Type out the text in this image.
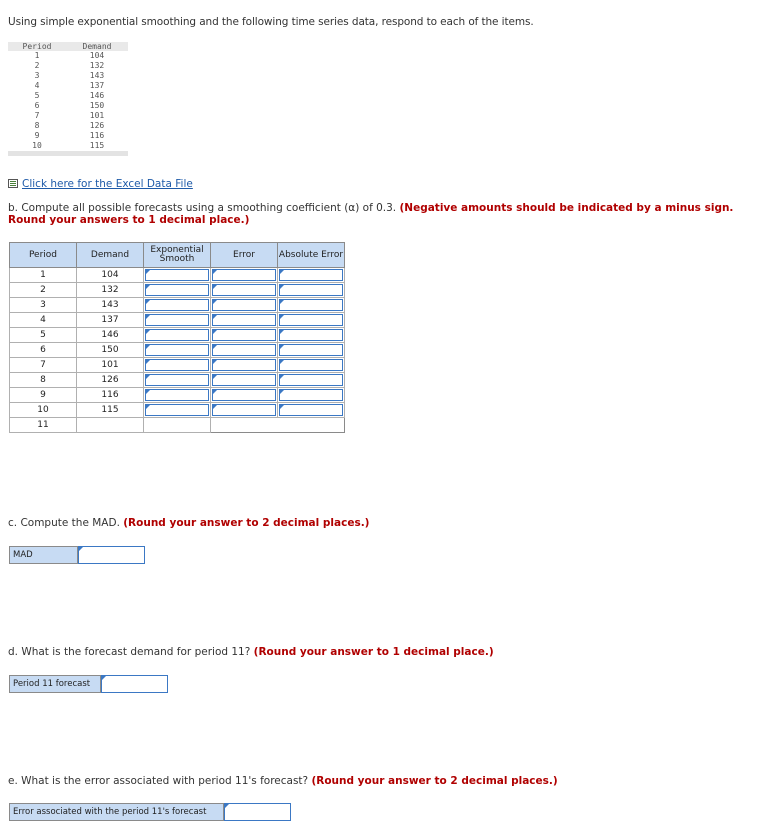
Using simple exponential smoothing and the following time series data, respond to each of the items.
Period	Demand
1	104
2	132
3	143
4	137
5	146
6	150
7	101
8	126
9	116
10	115
Click here for the Excel Data File
b. Compute all possible forecasts using a smoothing coefficient (α) of 0.3. (Negative amounts should be indicated by a minus sign. Round your answers to 1 decimal place.)
Period	Demand	Exponential Smooth	Error	Absolute Error
1	104	

2	132	

3	143	

4	137	

5	146	

6	150	

7	101	

8	126	

9	116	

10	115	

11			

c. Compute the MAD. (Round your answer to 2 decimal places.)
MAD
d. What is the forecast demand for period 11? (Round your answer to 1 decimal place.)
Period 11 forecast
e. What is the error associated with period 11's forecast? (Round your answer to 2 decimal places.)
Error associated with the period 11's forecast
